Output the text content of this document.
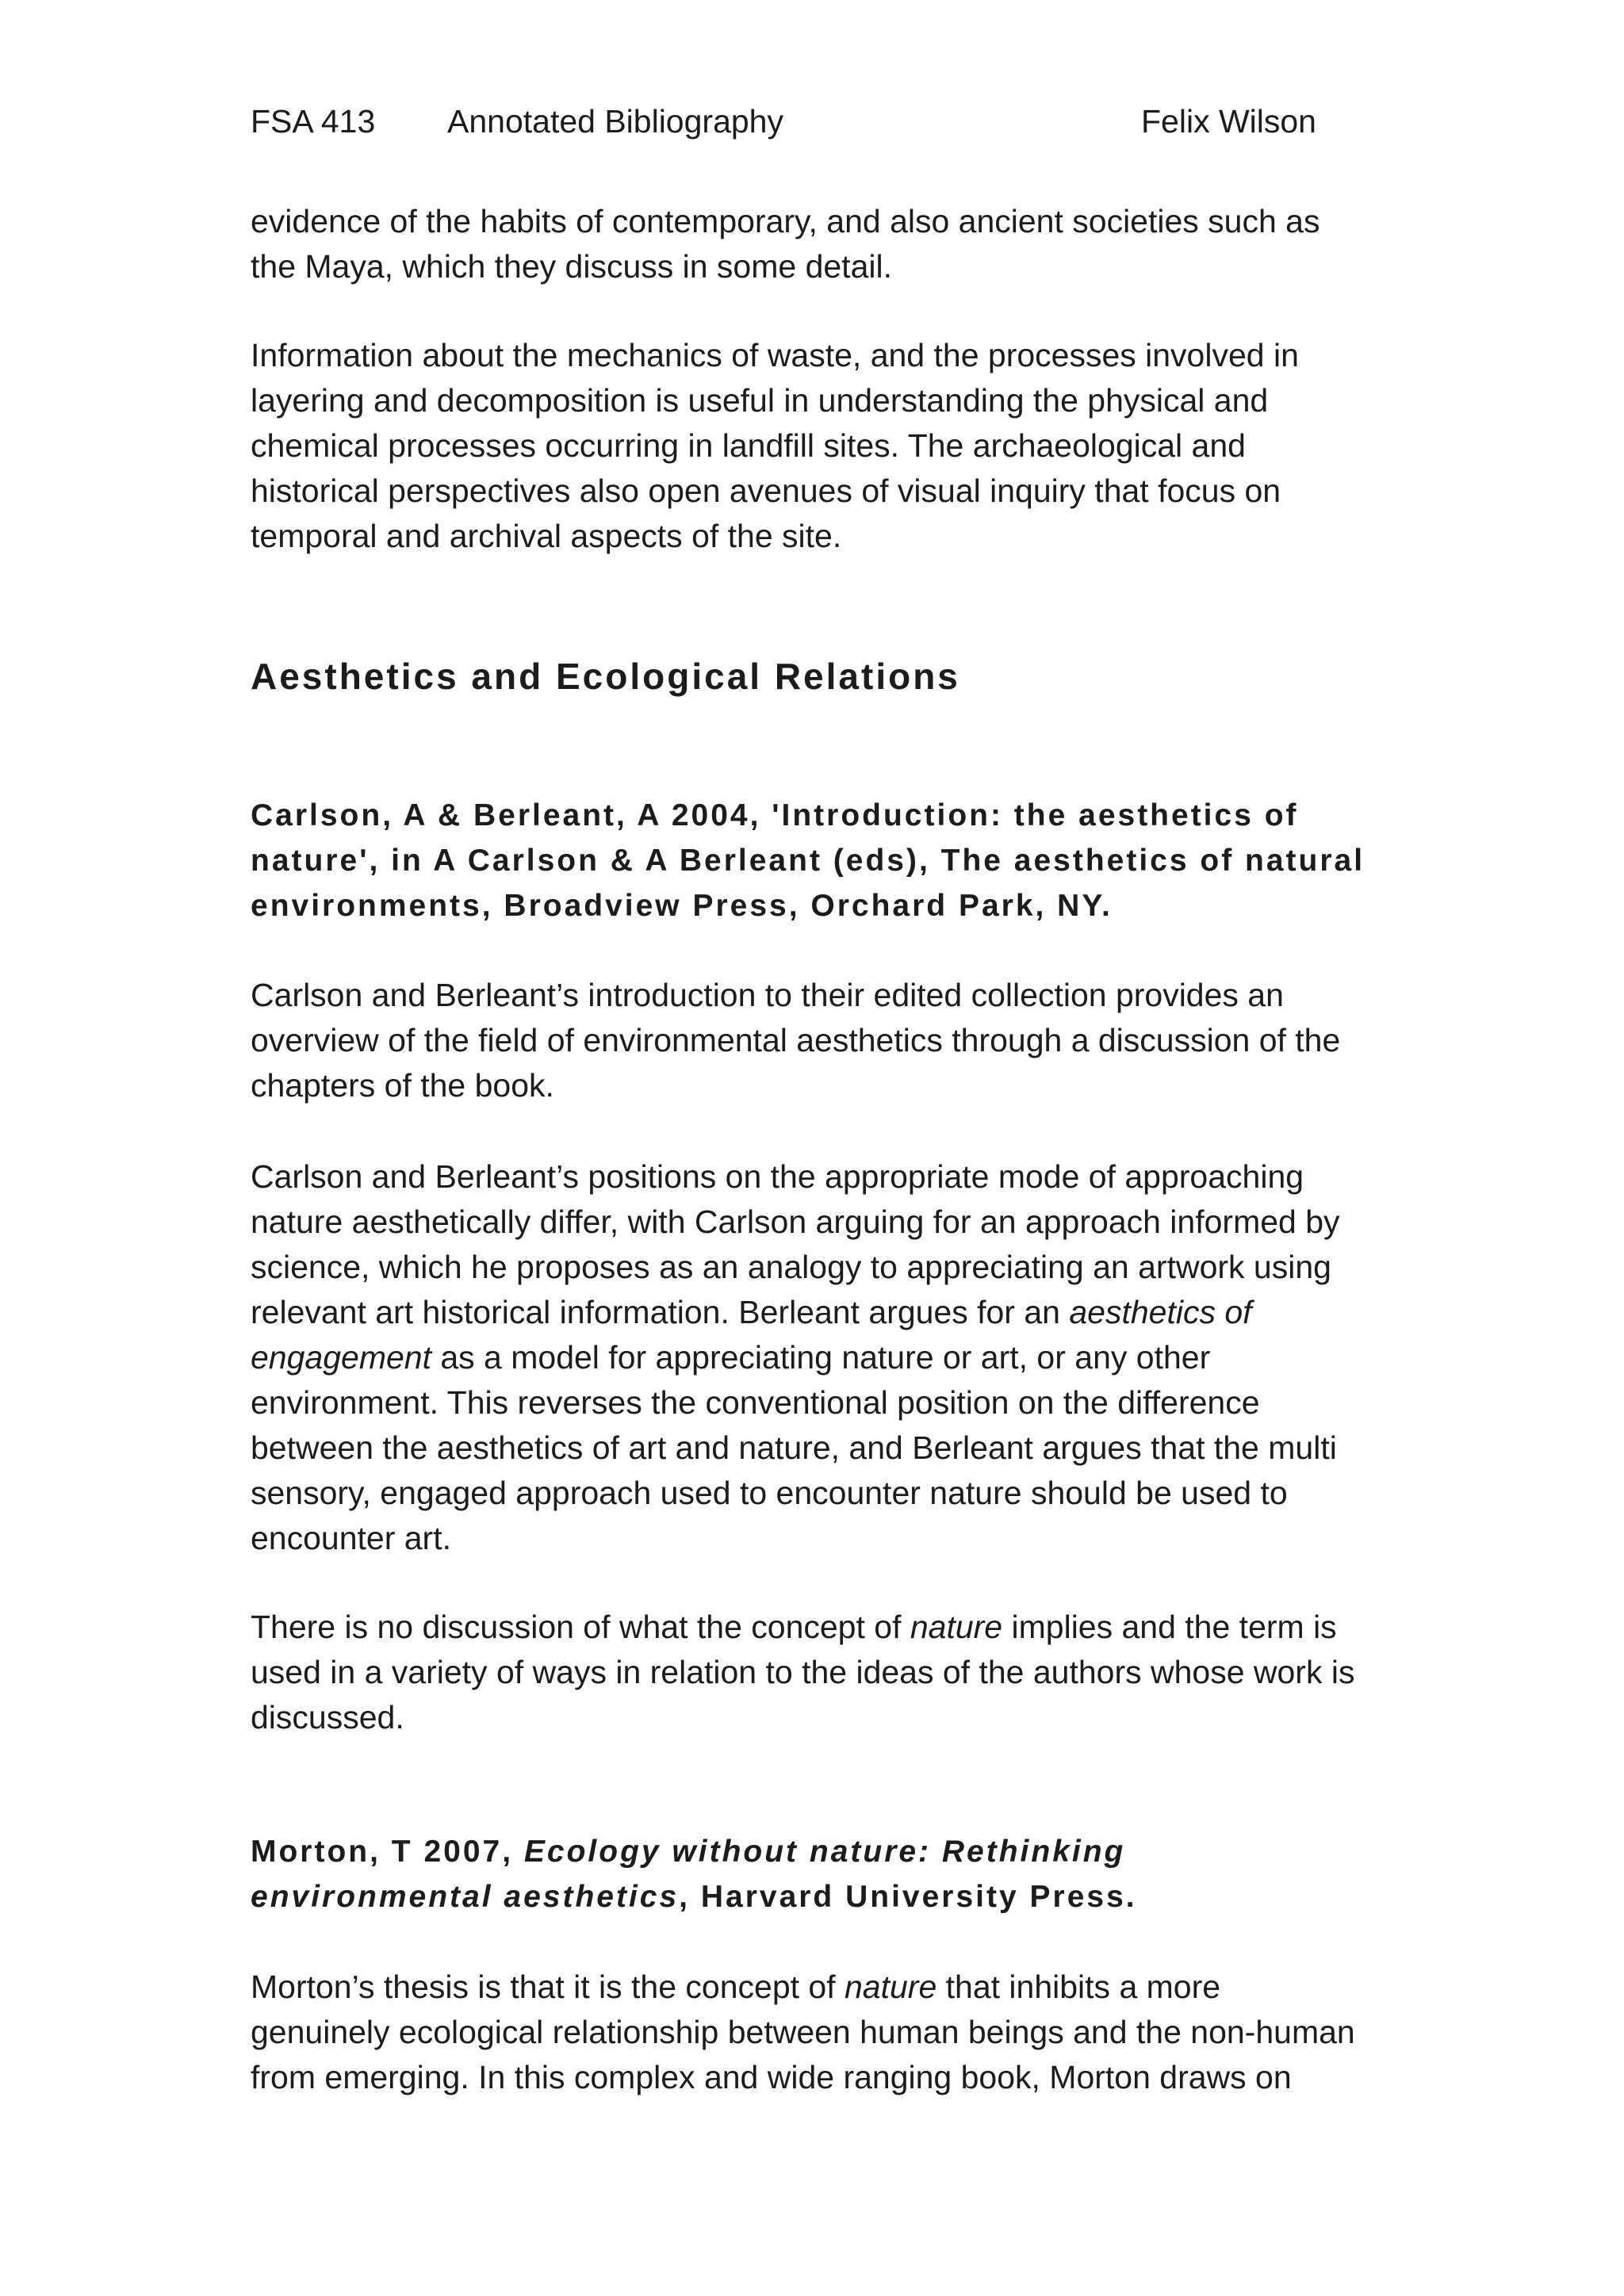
FSA 413 Annotated Bibliography	Felix Wilson

evidence of the habits of contemporary, and also ancient societies such as
the Maya, which they discuss in some detail.

Information about the mechanics of waste, and the processes involved in
layering and decomposition is useful in understanding the physical and
chemical processes occurring in landfill sites. The archaeological and
historical perspectives also open avenues of visual inquiry that focus on
temporal and archival aspects of the site.

Aesthetics and Ecological Relations

Carlson, A & Berleant, A 2004, 'Introduction: the aesthetics of
nature', in A Carlson & A Berleant (eds), The aesthetics of natural
environments, Broadview Press, Orchard Park, NY.

Carlson and Berleant’s introduction to their edited collection provides an
overview of the field of environmental aesthetics through a discussion of the
chapters of the book.

Carlson and Berleant’s positions on the appropriate mode of approaching
nature aesthetically differ, with Carlson arguing for an approach informed by
science, which he proposes as an analogy to appreciating an artwork using
relevant art historical information. Berleant argues for an aesthetics of
engagement as a model for appreciating nature or art, or any other
environment. This reverses the conventional position on the difference
between the aesthetics of art and nature, and Berleant argues that the multi
sensory, engaged approach used to encounter nature should be used to
encounter art.

There is no discussion of what the concept of nature implies and the term is
used in a variety of ways in relation to the ideas of the authors whose work is
discussed.

Morton, T 2007, Ecology without nature: Rethinking
environmental aesthetics, Harvard University Press.

Morton’s thesis is that it is the concept of nature that inhibits a more
genuinely ecological relationship between human beings and the non-human
from emerging. In this complex and wide ranging book, Morton draws on
